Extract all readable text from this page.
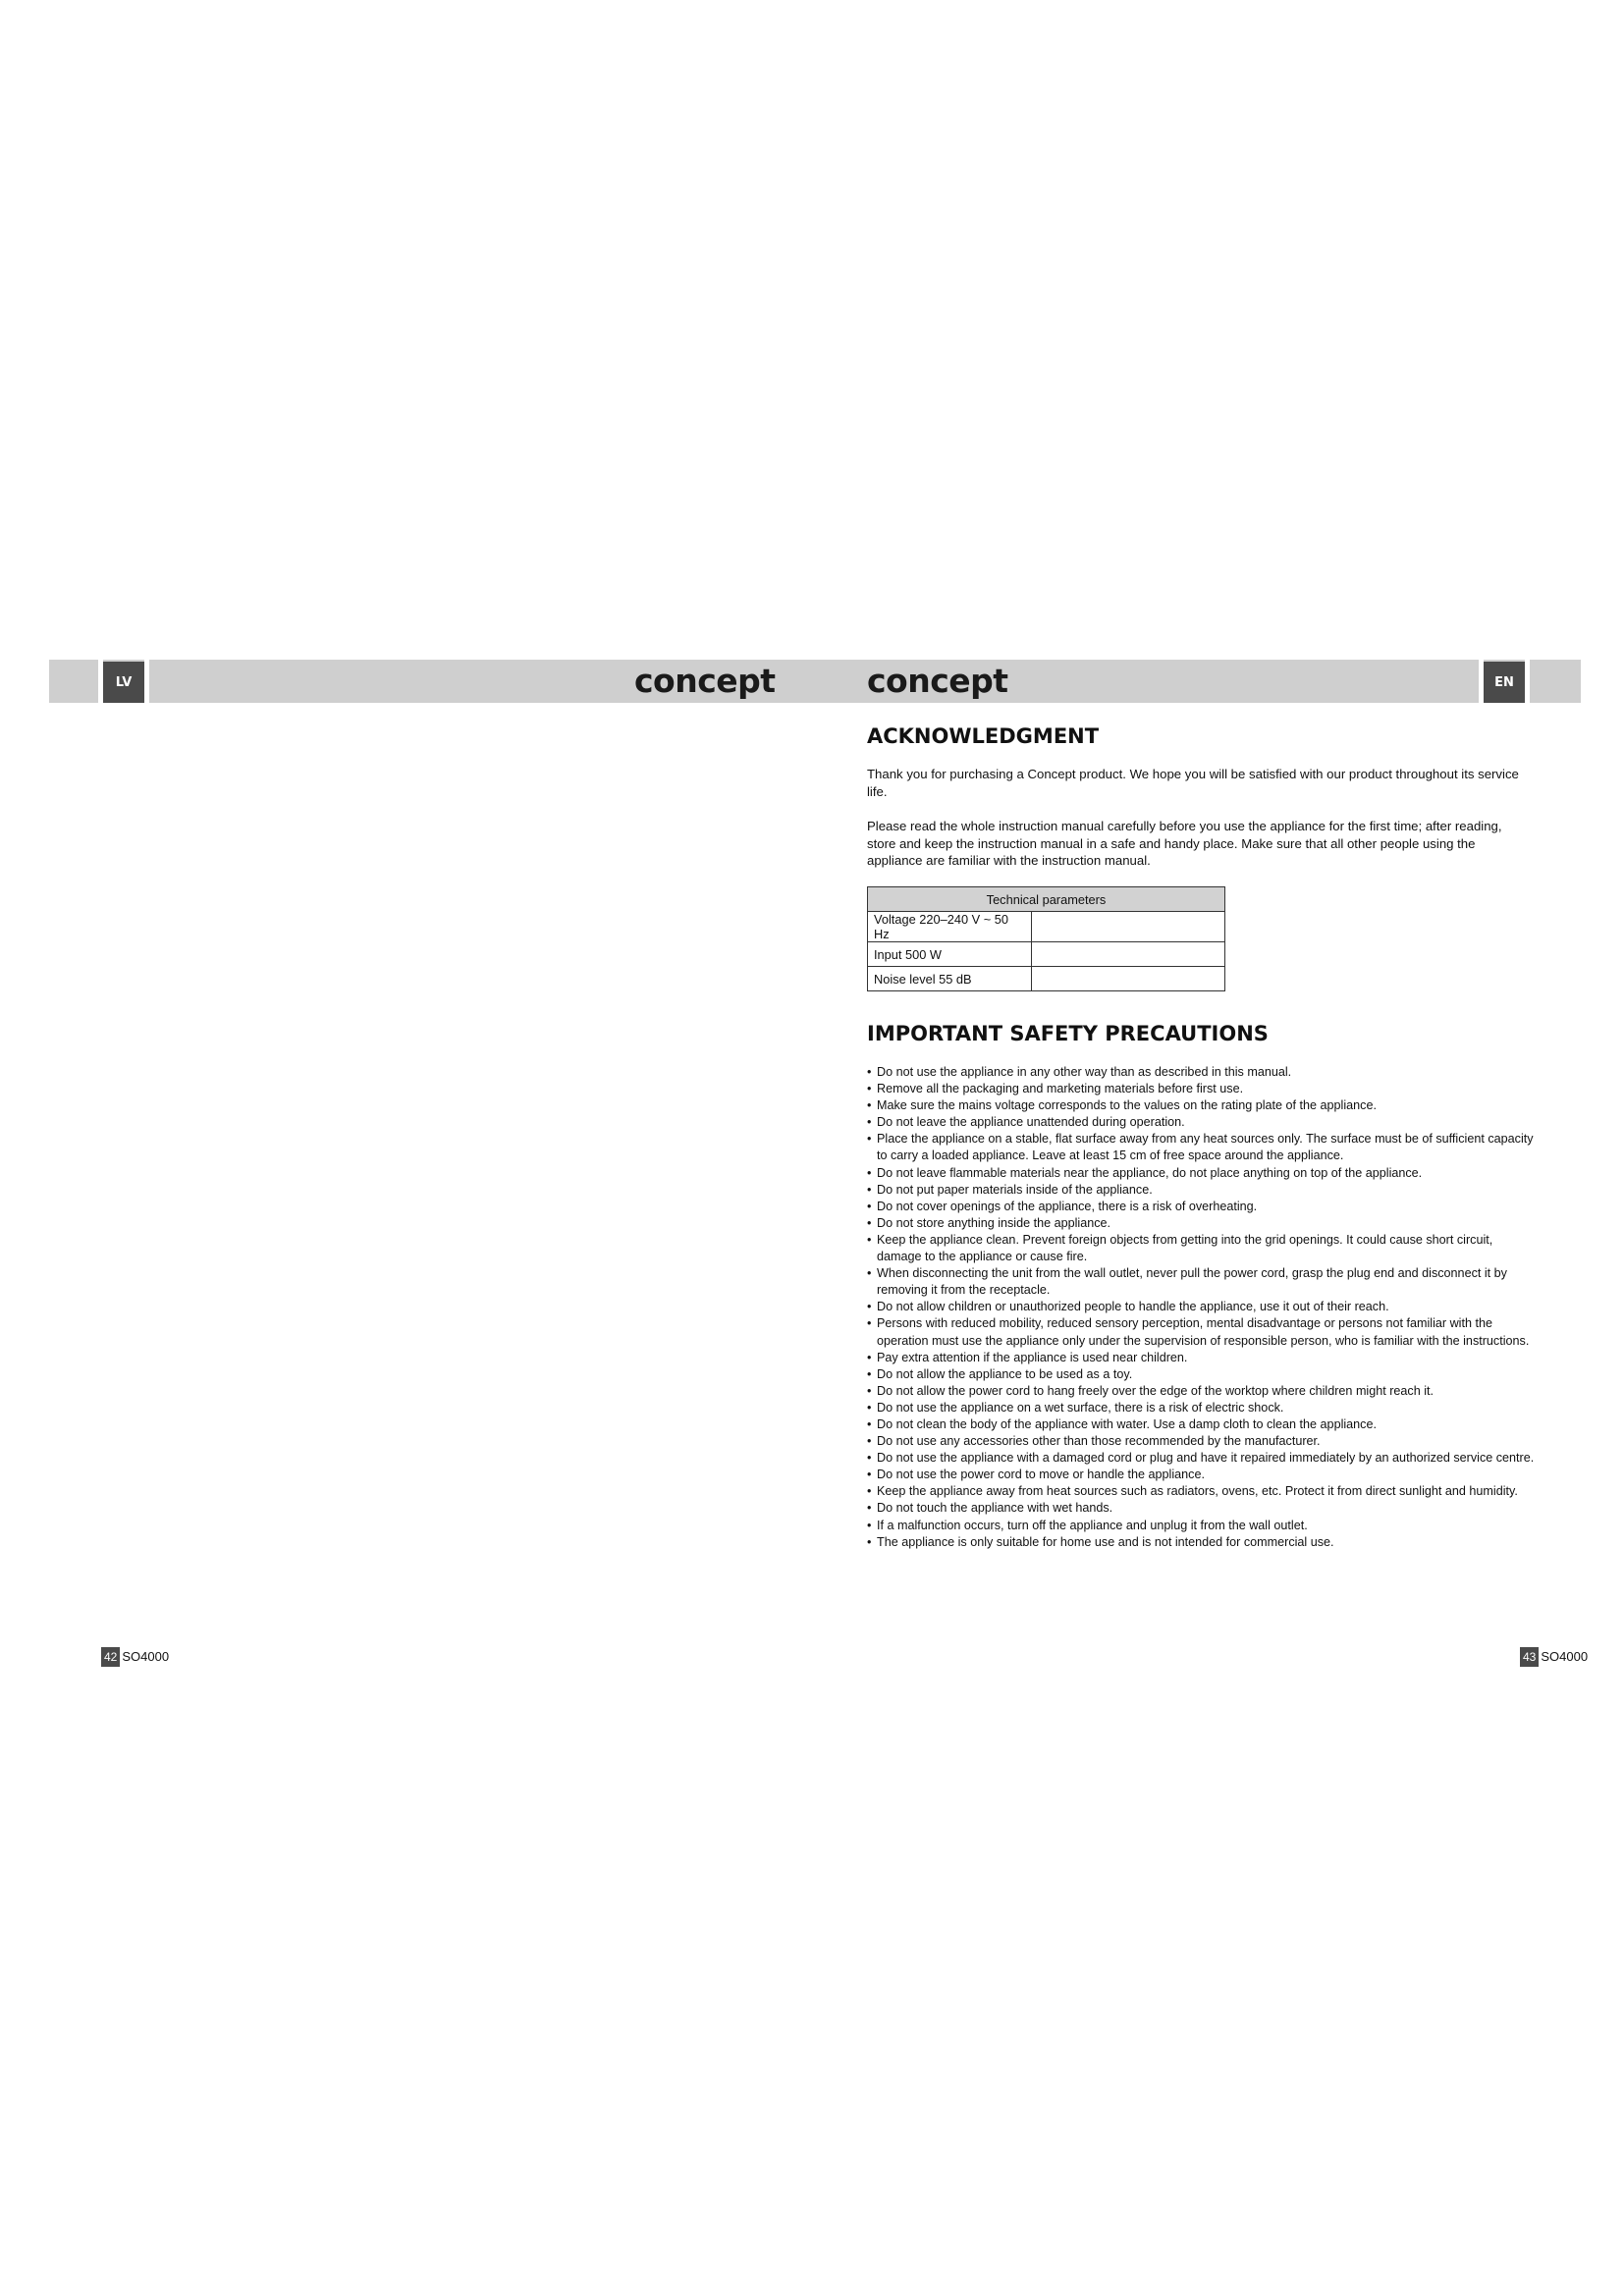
LV	EN
concept	concept
ACKNOWLEDGMENT

Thank you for purchasing a Concept product. We hope you will be satisfied with our product throughout its service life.

Please read the whole instruction manual carefully before you use the appliance for the first time; after reading, store and keep the instruction manual in a safe and handy place. Make sure that all other people using the appliance are familiar with the instruction manual.

Technical parameters	
Voltage 220–240 V ~ 50 Hz	
Input 500 W	
Noise level 55 dB	
IMPORTANT SAFETY PRECAUTIONS
• Do not use the appliance in any other way than as described in this manual.
• Remove all the packaging and marketing materials before first use.
• Make sure the mains voltage corresponds to the values on the rating plate of the appliance.
• Do not leave the appliance unattended during operation.
• Place the appliance on a stable, flat surface away from any heat sources only. The surface must be of sufficient capacity to carry a loaded appliance. Leave at least 15 cm of free space around the appliance.
• Do not leave flammable materials near the appliance, do not place anything on top of the appliance.
• Do not put paper materials inside of the appliance.
• Do not cover openings of the appliance, there is a risk of overheating.
• Do not store anything inside the appliance.
• Keep the appliance clean. Prevent foreign objects from getting into the grid openings. It could cause short circuit, damage to the appliance or cause fire.
• When disconnecting the unit from the wall outlet, never pull the power cord, grasp the plug end and disconnect it by removing it from the receptacle.
• Do not allow children or unauthorized people to handle the appliance, use it out of their reach.
• Persons with reduced mobility, reduced sensory perception, mental disadvantage or persons not familiar with the operation must use the appliance only under the supervision of responsible person, who is familiar with the instructions.
• Pay extra attention if the appliance is used near children.
• Do not allow the appliance to be used as a toy.
• Do not allow the power cord to hang freely over the edge of the worktop where children might reach it.
• Do not use the appliance on a wet surface, there is a risk of electric shock.
• Do not clean the body of the appliance with water. Use a damp cloth to clean the appliance.
• Do not use any accessories other than those recommended by the manufacturer.
• Do not use the appliance with a damaged cord or plug and have it repaired immediately by an authorized service centre.
• Do not use the power cord to move or handle the appliance.
• Keep the appliance away from heat sources such as radiators, ovens, etc. Protect it from direct sunlight and humidity.
• Do not touch the appliance with wet hands.
• If a malfunction occurs, turn off the appliance and unplug it from the wall outlet.
• The appliance is only suitable for home use and is not intended for commercial use.
42 SO4000	43 SO4000
